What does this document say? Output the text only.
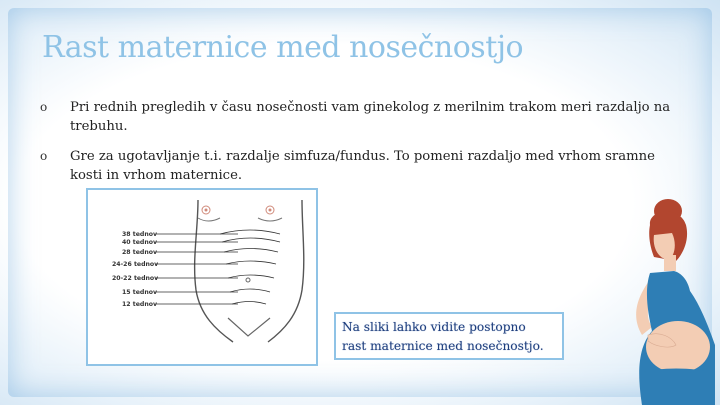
Rast maternice med nosečnostjo
o Pri rednih pregledih v času nosečnosti vam ginekolog z merilnim trakom meri razdaljo na trebuhu.
o Gre za ugotavljanje t.i. razdalje simfuza/fundus. To pomeni razdaljo med vrhom sramne kosti in vrhom maternice.
38 tednov
40 tednov
28 tednov
24-26 tednov
20-22 tednov
15 tednov
12 tednov
Na sliki lahko vidite postopno
rast maternice med nosečnostjo.
